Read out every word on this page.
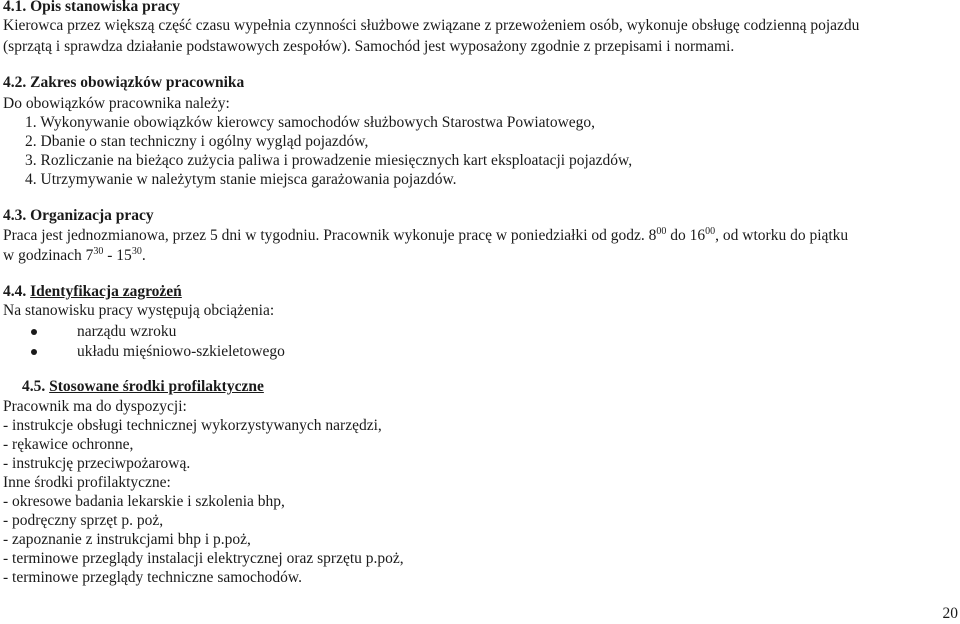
4.1. Opis stanowiska pracy
Kierowca przez większą część czasu wypełnia czynności służbowe związane z przewożeniem osób, wykonuje obsługę codzienną pojazdu
(sprzątą i sprawdza działanie podstawowych zespołów). Samochód jest wyposażony zgodnie z przepisami i normami.
4.2. Zakres obowiązków pracownika
Do obowiązków pracownika należy:
1. Wykonywanie obowiązków kierowcy samochodów służbowych Starostwa Powiatowego,
2. Dbanie o stan techniczny i ogólny wygląd pojazdów,
3. Rozliczanie na bieżąco zużycia paliwa i prowadzenie miesięcznych kart eksploatacji pojazdów,
4. Utrzymywanie w należytym stanie miejsca garażowania pojazdów.
4.3. Organizacja pracy
Praca jest jednozmianowa, przez 5 dni w tygodniu. Pracownik wykonuje pracę w poniedziałki od godz. $8^{00}$ do $16^{00}$, od wtorku do piątku
w godzinach $7^{30} - 15^{30}$.
4.4. Identyfikacja zagrożeń
Na stanowisku pracy występują obciążenia:
narządu wzroku
układu mięśniowo-szkieletowego
4.5. Stosowane środki profilaktyczne
Pracownik ma do dyspozycji:
- instrukcje obsługi technicznej wykorzystywanych narzędzi,
- rękawice ochronne,
- instrukcję przeciwpożarową.
Inne środki profilaktyczne:
- okresowe badania lekarskie i szkolenia bhp,
- podręczny sprzęt p. poż,
- zapoznanie z instrukcjami bhp i p.poż,
- terminowe przeglądy instalacji elektrycznej oraz sprzętu p.poż,
- terminowe przeglądy techniczne samochodów.
20
